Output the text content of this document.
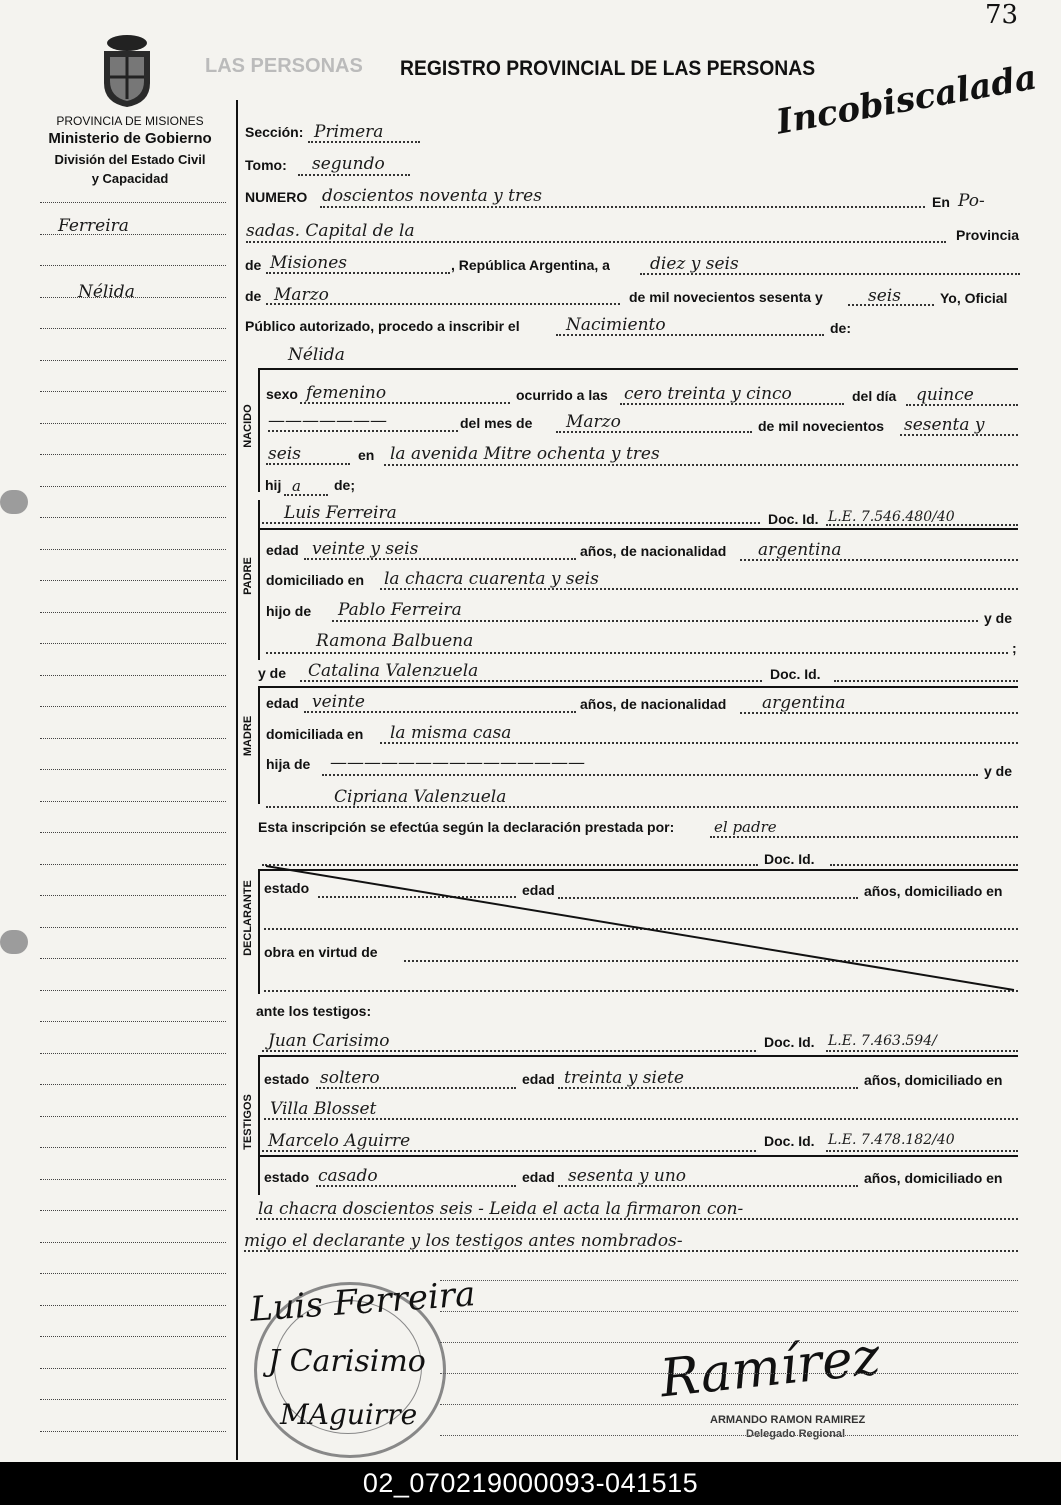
73
LAS PERSONAS REGISTRO PROVINCIAL DE LAS PERSONAS
Incobiscalada
PROVINCIA DE MISIONES
Ministerio de Gobierno
División del Estado Civil
y Capacidad
Ferreira
Nélida
Sección: Primera
Tomo: segundo
NUMERO doscientos noventa y tres	En Po-
sadas. Capital de la	Provincia
de Misiones	, República Argentina, a diez y seis
de Marzo	de mil novecientos sesenta y	seis	Yo, Oficial
Público autorizado, procedo a inscribir el	Nacimiento	de:
Nélida
NACIDO
sexo femenino	ocurrido a las cero treinta y cinco	del día quince
———————	del mes de Marzo	de mil novecientos sesenta y
seis	en la avenida Mitre ochenta y tres
hij a de;
Luis Ferreira	Doc. Id. L.E. 7.546.480/40
PADRE
edad veinte y seis	años, de nacionalidad argentina
domiciliado en la chacra cuarenta y seis
hijo de Pablo Ferreira	y de
Ramona Balbuena	;
y de Catalina Valenzuela	Doc. Id.
MADRE
edad veinte	años, de nacionalidad argentina
domiciliada en la misma casa
hija de ———————————————	y de
Cipriana Valenzuela
Esta inscripción se efectúa según la declaración prestada por:	el padre
Doc. Id.
DECLARANTE estado	edad	años, domiciliado en
obra en virtud de
ante los testigos:
Juan Carisimo	Doc. Id. L.E. 7.463.594/
TESTIGOS
estado soltero	edad treinta y siete	años, domiciliado en
Villa Blosset
Marcelo Aguirre	Doc. Id. L.E. 7.478.182/40
estado casado	edad sesenta y uno	años, domiciliado en
la chacra doscientos seis - Leida el acta la firmaron con-
migo el declarante y los testigos antes nombrados-
Luis Ferreira
J Carisimo
MAguirre
Ramírez
ARMANDO RAMON RAMIREZ
Delegado Regional
02_070219000093-041515
